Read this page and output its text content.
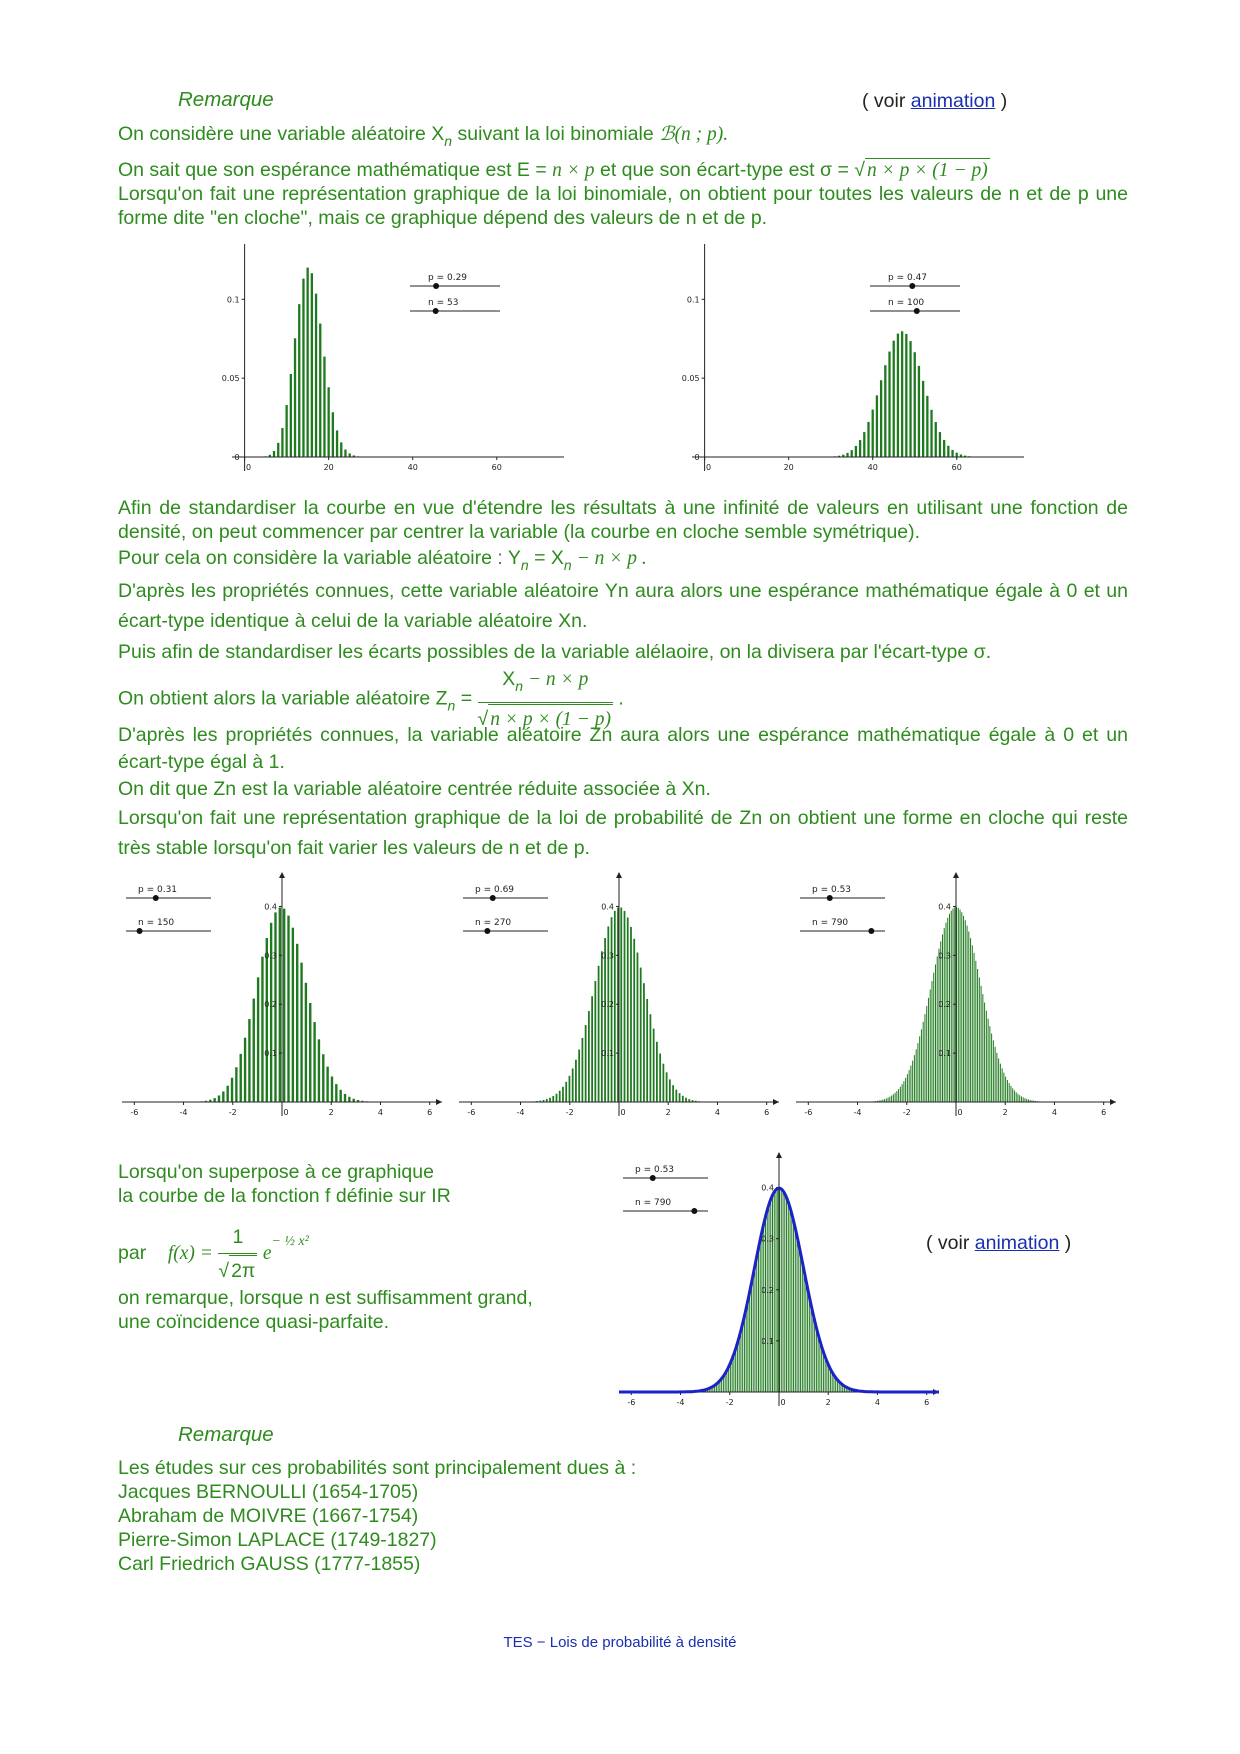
Remarque	( voir animation )
On considère une variable aléatoire $X_n$ suivant la loi binomiale ℬ(n ; p).
On sait que son espérance mathématique est E = n × p et que son écart-type est σ = √ n × p × (1 − p)
Lorsqu'on fait une représentation graphique de la loi binomiale, on obtient pour toutes les valeurs de n et de p une forme dite "en cloche", mais ce graphique dépend des valeurs de n et de p.
0	20	40	60
0
0.05
0.1
p = 0.29
n = 53
0	20	40	60
0
0.05
0.1
p = 0.47
n = 100
Afin de standardiser la courbe en vue d'étendre les résultats à une infinité de valeurs en utilisant une fonction de densité, on peut commencer par centrer la variable (la courbe en cloche semble symétrique).
Pour cela on considère la variable aléatoire : $Y_n = X_n - n \times p$ .
D'après les propriétés connues, cette variable aléatoire Yn aura alors une espérance mathématique égale à 0 et un écart-type identique à celui de la variable aléatoire Xn.
Puis afin de standardiser les écarts possibles de la variable alélaoire, on la divisera par l'écart-type σ.
On obtient alors la variable aléatoire $Z_n = \frac{X_n - n \times p}{√ n \times p \times (1 - p)}$ .
D'après les propriétés connues, la variable aléatoire Zn aura alors une espérance mathématique égale à 0 et un écart-type égal à 1.
On dit que Zn est la variable aléatoire centrée réduite associée à Xn.
Lorsqu'on fait une représentation graphique de la loi de probabilité de Zn on obtient une forme en cloche qui reste très stable lorsqu'on fait varier les valeurs de n et de p.
-6	-4	-2	0	2	4	6
0.1
0.2
0.3
0.4
p = 0.31
n = 150
-6	-4	-2	0	2	4	6
0.1
0.2
0.3
0.4
p = 0.69
n = 270
-6	-4	-2	0	2	4	6
0.1
0.2
0.3
0.4
p = 0.53
n = 790
Lorsqu'on superpose à ce graphique
la courbe de la fonction f définie sur IR
par $f(x) = \frac{1}{√ 2\pi} e^{- \frac{1}{2} x^2}$
on remarque, lorsque n est suffisamment grand,
une coïncidence quasi-parfaite.
-6	-4	-2	0	2	4	6
0.1
0.2
0.3
0.4
p = 0.53
n = 790
( voir animation )
Remarque
Les études sur ces probabilités sont principalement dues à :
Jacques BERNOULLI (1654-1705)
Abraham de MOIVRE (1667-1754)
Pierre-Simon LAPLACE (1749-1827)
Carl Friedrich GAUSS (1777-1855)
TES − Lois de probabilité à densité
